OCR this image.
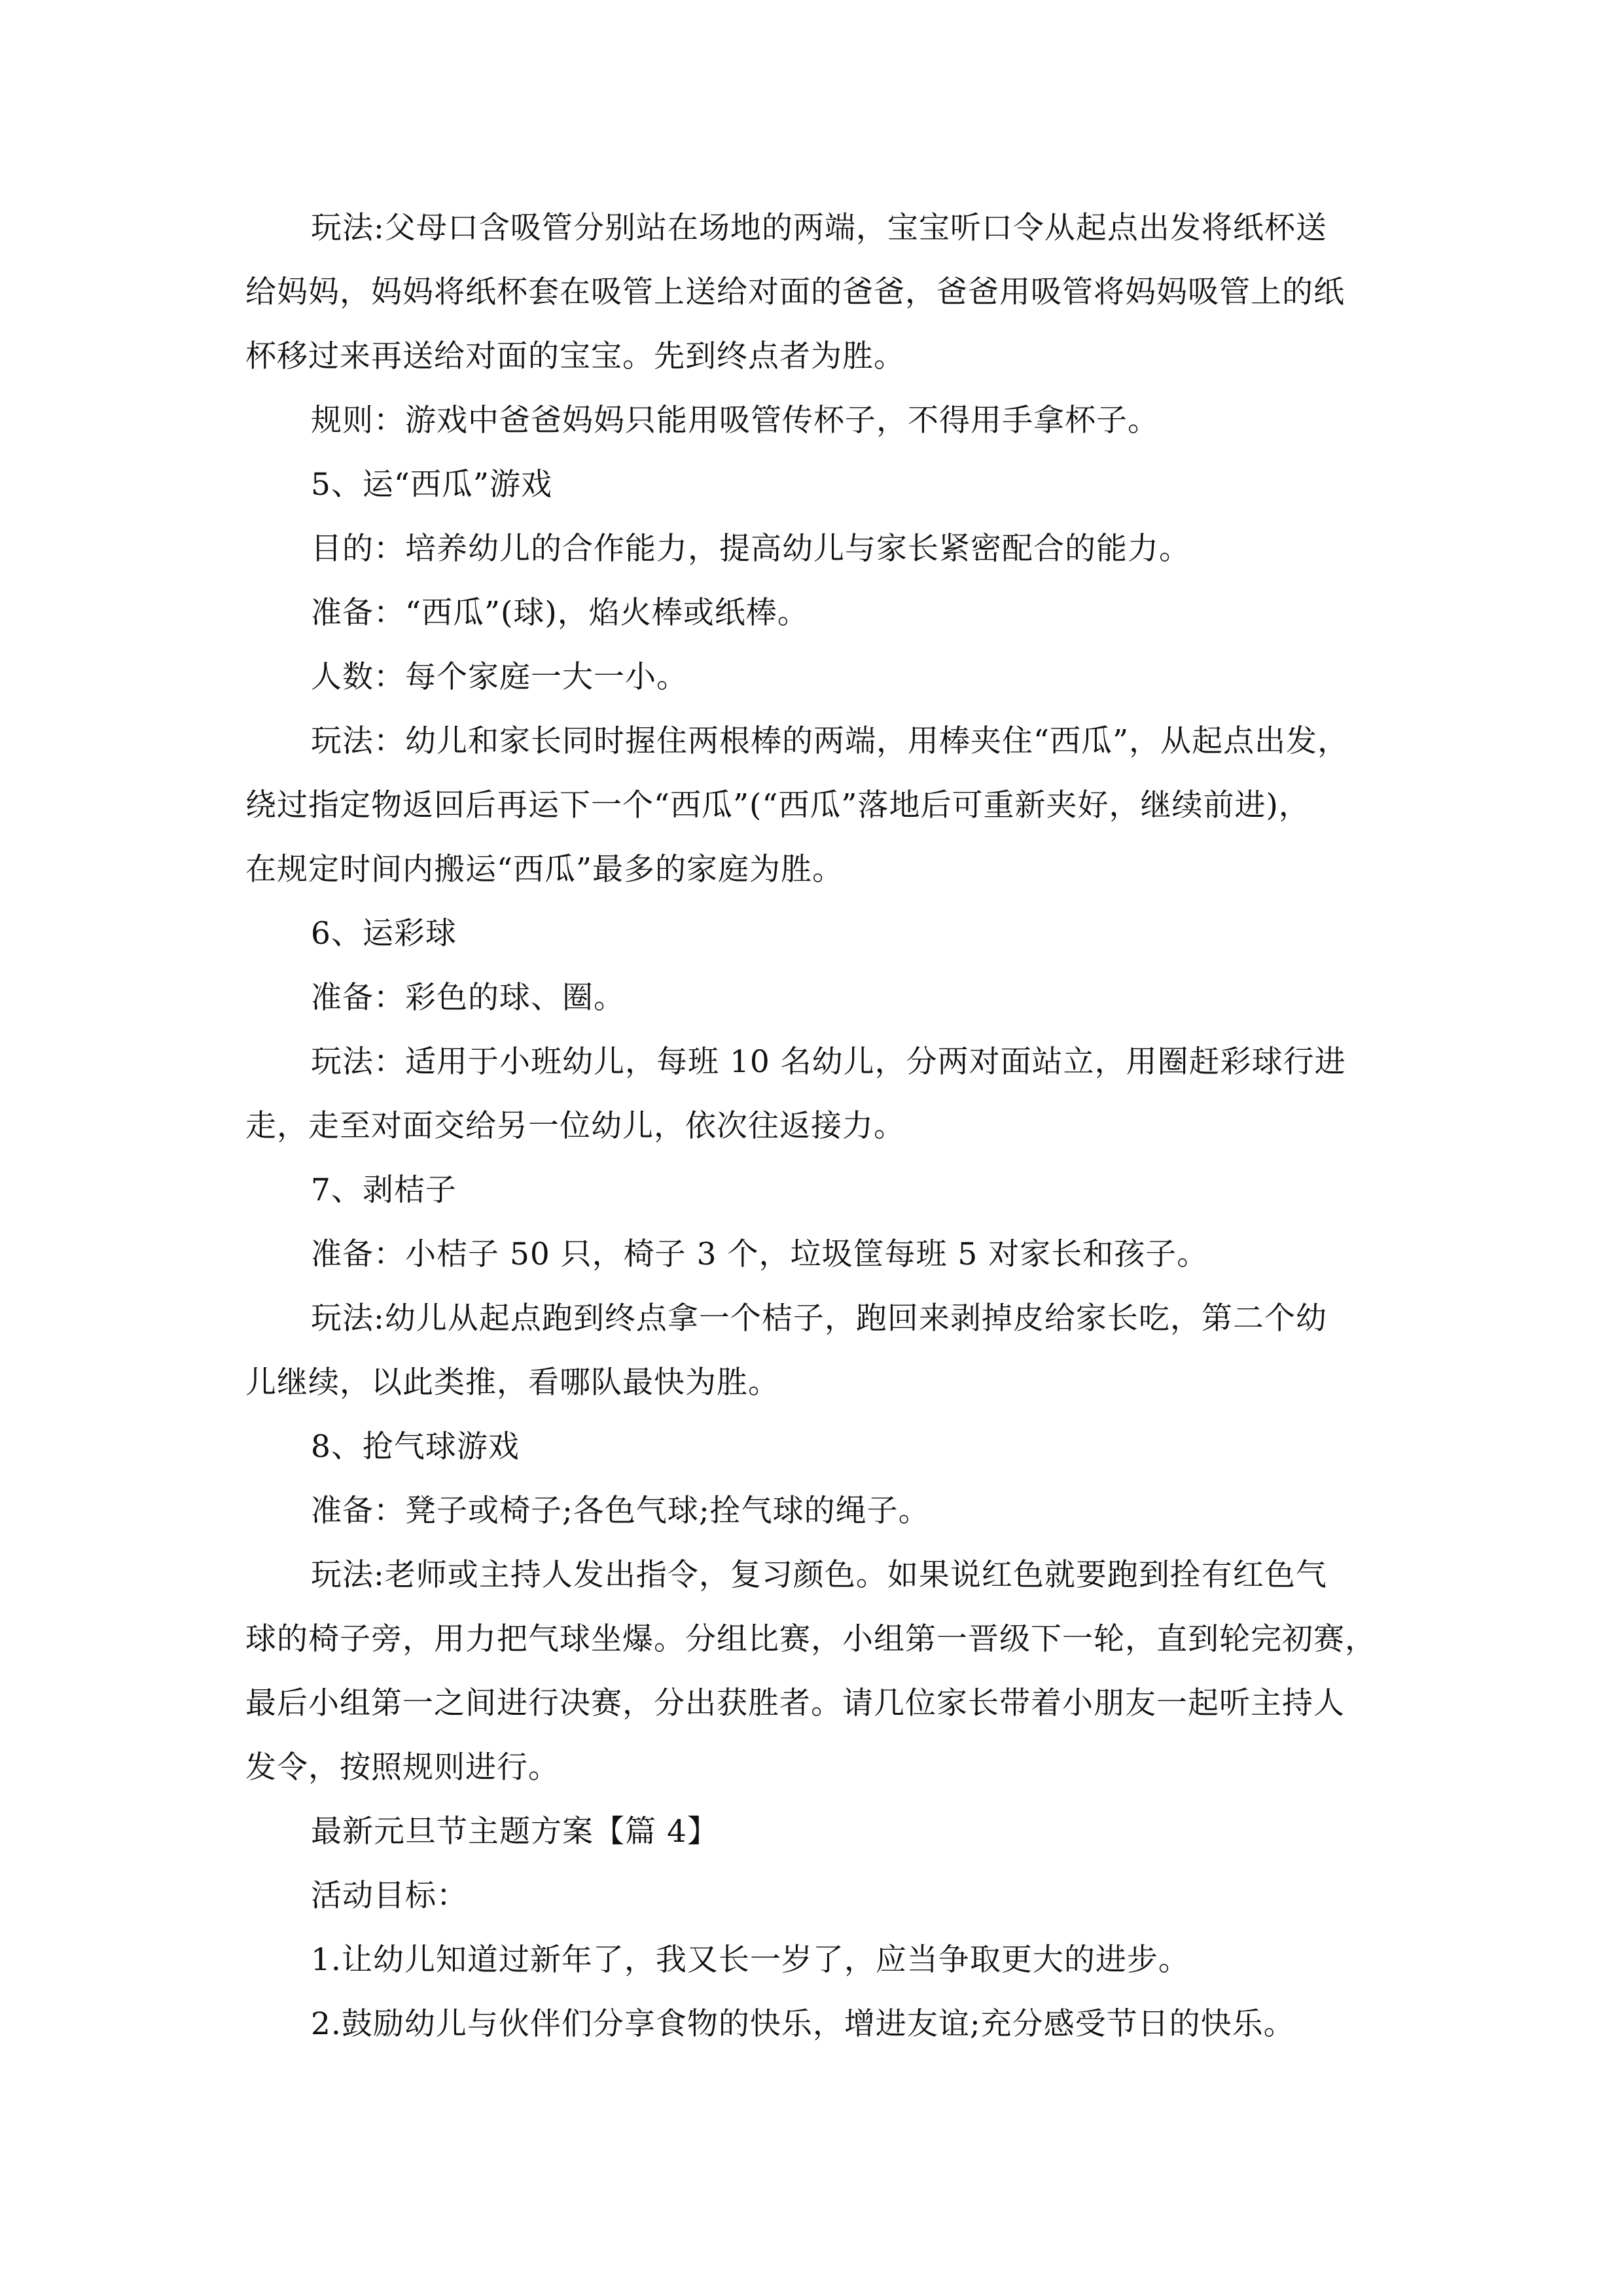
玩法:父母口含吸管分别站在场地的两端，宝宝听口令从起点出发将纸杯送
给妈妈，妈妈将纸杯套在吸管上送给对面的爸爸，爸爸用吸管将妈妈吸管上的纸
杯移过来再送给对面的宝宝。先到终点者为胜。
规则：游戏中爸爸妈妈只能用吸管传杯子，不得用手拿杯子。
5、运“西瓜”游戏
目的：培养幼儿的合作能力，提高幼儿与家长紧密配合的能力。
准备：“西瓜”(球)，焰火棒或纸棒。
人数：每个家庭一大一小。
玩法：幼儿和家长同时握住两根棒的两端，用棒夹住“西瓜”，从起点出发，
绕过指定物返回后再运下一个“西瓜”(“西瓜”落地后可重新夹好，继续前进)，
在规定时间内搬运“西瓜”最多的家庭为胜。
6、运彩球
准备：彩色的球、圈。
玩法：适用于小班幼儿，每班 10 名幼儿，分两对面站立，用圈赶彩球行进
走，走至对面交给另一位幼儿，依次往返接力。
7、剥桔子
准备：小桔子 50 只，椅子 3 个，垃圾筐每班 5 对家长和孩子。
玩法:幼儿从起点跑到终点拿一个桔子，跑回来剥掉皮给家长吃，第二个幼
儿继续，以此类推，看哪队最快为胜。
8、抢气球游戏
准备：凳子或椅子;各色气球;拴气球的绳子。
玩法:老师或主持人发出指令，复习颜色。如果说红色就要跑到拴有红色气
球的椅子旁，用力把气球坐爆。分组比赛，小组第一晋级下一轮，直到轮完初赛，
最后小组第一之间进行决赛，分出获胜者。请几位家长带着小朋友一起听主持人
发令，按照规则进行。
最新元旦节主题方案【篇 4】
活动目标：
1.让幼儿知道过新年了，我又长一岁了，应当争取更大的进步。
2.鼓励幼儿与伙伴们分享食物的快乐，增进友谊;充分感受节日的快乐。
